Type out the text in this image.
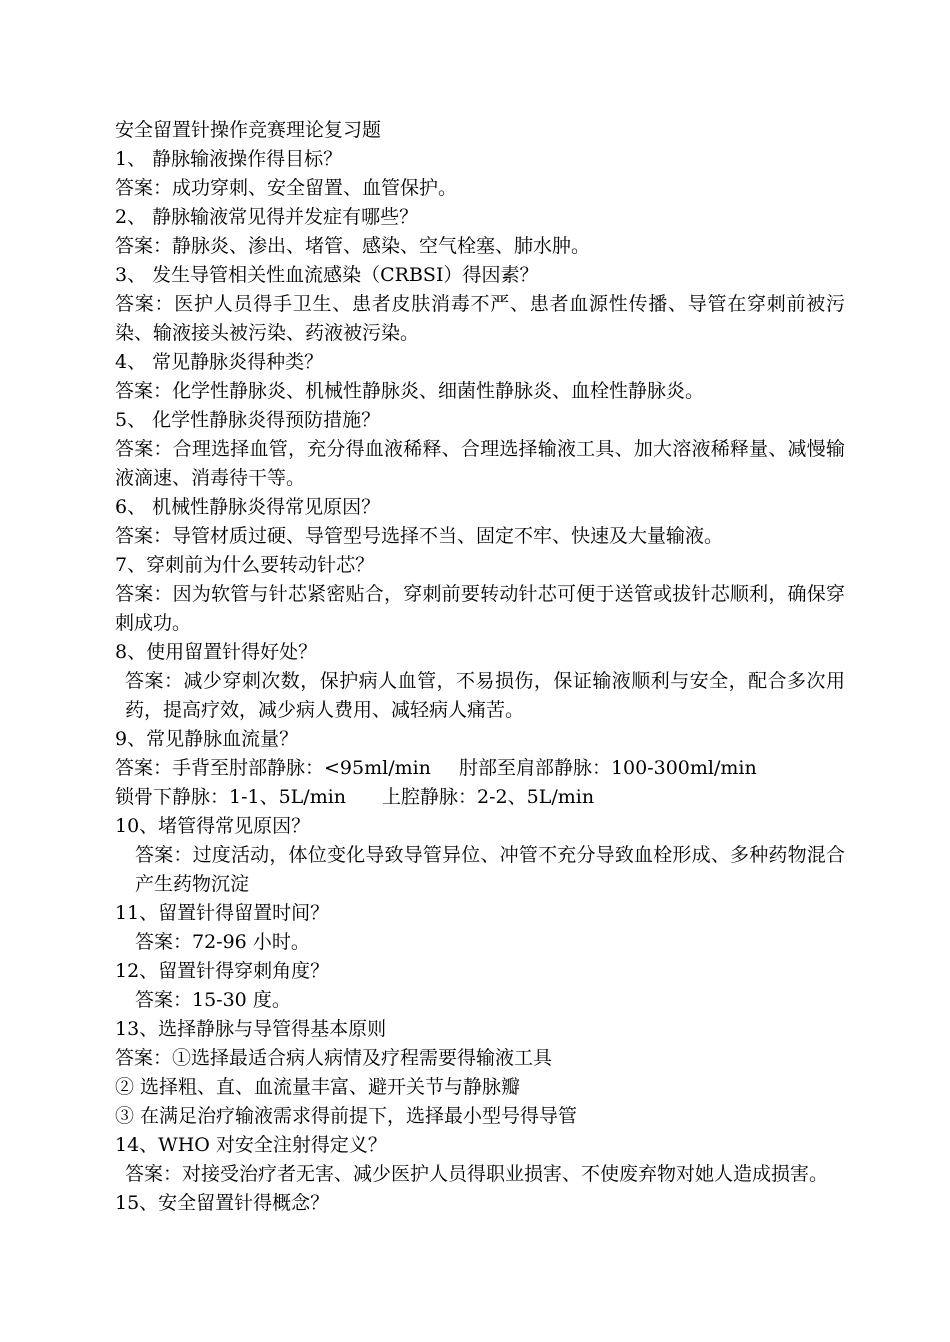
安全留置针操作竞赛理论复习题

1、 静脉输液操作得目标？

答案：成功穿刺、安全留置、血管保护。

2、 静脉输液常见得并发症有哪些？

答案：静脉炎、渗出、堵管、感染、空气栓塞、肺水肿。

3、 发生导管相关性血流感染（CRBSI）得因素？

答案：医护人员得手卫生、患者皮肤消毒不严、患者血源性传播、导管在穿刺前被污染、输液接头被污染、药液被污染。

4、 常见静脉炎得种类？

答案：化学性静脉炎、机械性静脉炎、细菌性静脉炎、血栓性静脉炎。

5、 化学性静脉炎得预防措施？

答案：合理选择血管，充分得血液稀释、合理选择输液工具、加大溶液稀释量、减慢输液滴速、消毒待干等。

6、 机械性静脉炎得常见原因？

答案：导管材质过硬、导管型号选择不当、固定不牢、快速及大量输液。

7、穿刺前为什么要转动针芯？

答案：因为软管与针芯紧密贴合，穿刺前要转动针芯可便于送管或拔针芯顺利，确保穿刺成功。

8、使用留置针得好处？

答案：减少穿刺次数，保护病人血管，不易损伤，保证输液顺利与安全，配合多次用药，提高疗效，减少病人费用、减轻病人痛苦。

9、常见静脉血流量？

答案：手背至肘部静脉：<95ml/min 肘部至肩部静脉：100-300ml/min

锁骨下静脉：1-1、5L/min 上腔静脉：2-2、5L/min

10、堵管得常见原因？

答案：过度活动，体位变化导致导管异位、冲管不充分导致血栓形成、多种药物混合产生药物沉淀

11、留置针得留置时间？

答案：72-96 小时。

12、留置针得穿刺角度？

答案：15-30 度。

13、选择静脉与导管得基本原则

答案：①选择最适合病人病情及疗程需要得输液工具

② 选择粗、直、血流量丰富、避开关节与静脉瓣

③ 在满足治疗输液需求得前提下，选择最小型号得导管

14、WHO 对安全注射得定义？

答案：对接受治疗者无害、减少医护人员得职业损害、不使废弃物对她人造成损害。

15、安全留置针得概念？
